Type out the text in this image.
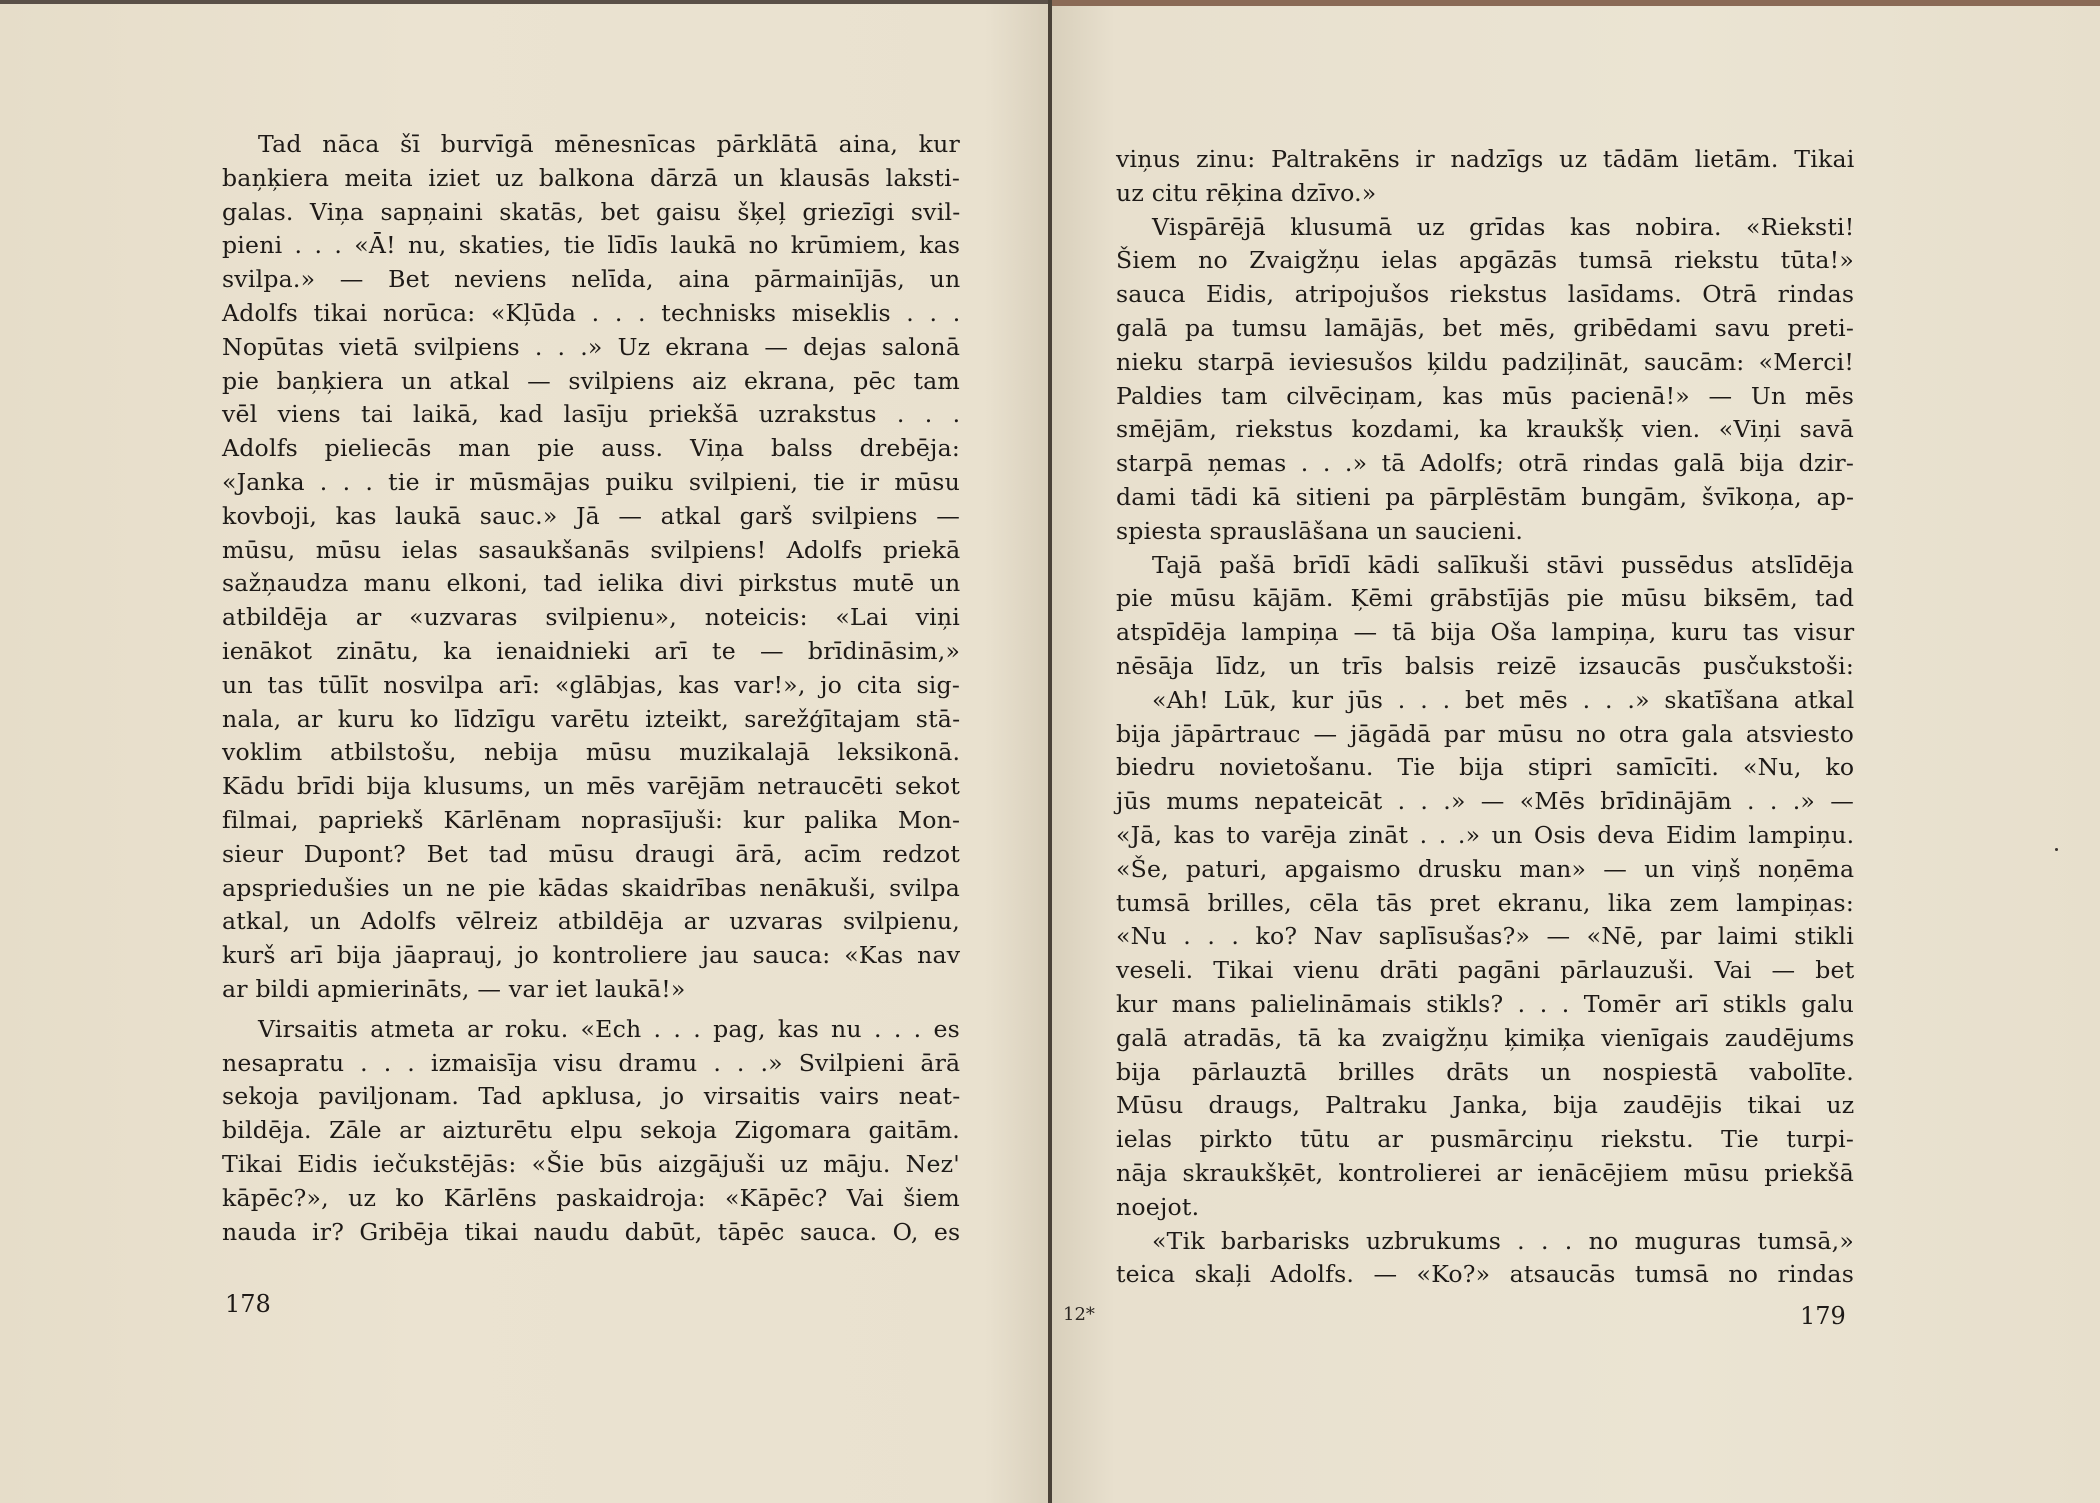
Tad nāca šī burvīgā mēnesnīcas pārklātā aina, kur
baņķiera meita iziet uz balkona dārzā un klausās laksti-
galas. Viņa sapņaini skatās, bet gaisu šķeļ griezīgi svil-
pieni . . . «Ā! nu, skaties, tie līdīs laukā no krūmiem, kas
svilpa.» — Bet neviens nelīda, aina pārmainījās, un
Adolfs tikai norūca: «Kļūda . . . technisks miseklis . . .
Nopūtas vietā svilpiens . . .» Uz ekrana — dejas salonā
pie baņķiera un atkal — svilpiens aiz ekrana, pēc tam
vēl viens tai laikā, kad lasīju priekšā uzrakstus . . .
Adolfs pieliecās man pie auss. Viņa balss drebēja:
«Janka . . . tie ir mūsmājas puiku svilpieni, tie ir mūsu
kovboji, kas laukā sauc.» Jā — atkal garš svilpiens —
mūsu, mūsu ielas sasaukšanās svilpiens! Adolfs priekā
sažņaudza manu elkoni, tad ielika divi pirkstus mutē un
atbildēja ar «uzvaras svilpienu», noteicis: «Lai viņi
ienākot zinātu, ka ienaidnieki arī te — brīdināsim,»
un tas tūlīt nosvilpa arī: «glābjas, kas var!», jo cita sig-
nala, ar kuru ko līdzīgu varētu izteikt, sarežģītajam stā-
voklim atbilstošu, nebija mūsu muzikalajā leksikonā.
Kādu brīdi bija klusums, un mēs varējām netraucēti sekot
filmai, papriekš Kārlēnam noprasījuši: kur palika Mon-
sieur Dupont? Bet tad mūsu draugi ārā, acīm redzot
apspriedušies un ne pie kādas skaidrības nenākuši, svilpa
atkal, un Adolfs vēlreiz atbildēja ar uzvaras svilpienu,
kurš arī bija jāaprauj, jo kontroliere jau sauca: «Kas nav
ar bildi apmierināts, — var iet laukā!»
Virsaitis atmeta ar roku. «Ech . . . pag, kas nu . . . es
nesapratu . . . izmaisīja visu dramu . . .» Svilpieni ārā
sekoja paviljonam. Tad apklusa, jo virsaitis vairs neat-
bildēja. Zāle ar aizturētu elpu sekoja Zigomara gaitām.
Tikai Eidis iečukstējās: «Šie būs aizgājuši uz māju. Nez'
kāpēc?», uz ko Kārlēns paskaidroja: «Kāpēc? Vai šiem
nauda ir? Gribēja tikai naudu dabūt, tāpēc sauca. O, es
178
viņus zinu: Paltrakēns ir nadzīgs uz tādām lietām. Tikai
uz citu rēķina dzīvo.»
Vispārējā klusumā uz grīdas kas nobira. «Rieksti!
Šiem no Zvaigžņu ielas apgāzās tumsā riekstu tūta!»
sauca Eidis, atripojušos riekstus lasīdams. Otrā rindas
galā pa tumsu lamājās, bet mēs, gribēdami savu preti-
nieku starpā ieviesušos ķildu padziļināt, saucām: «Merci!
Paldies tam cilvēciņam, kas mūs pacienā!» — Un mēs
smējām, riekstus kozdami, ka kraukšķ vien. «Viņi savā
starpā ņemas . . .» tā Adolfs; otrā rindas galā bija dzir-
dami tādi kā sitieni pa pārplēstām bungām, švīkoņa, ap-
spiesta sprauslāšana un saucieni.
Tajā pašā brīdī kādi salīkuši stāvi pussēdus atslīdēja
pie mūsu kājām. Ķēmi grābstījās pie mūsu biksēm, tad
atspīdēja lampiņa — tā bija Oša lampiņa, kuru tas visur
nēsāja līdz, un trīs balsis reizē izsaucās pusčukstoši:
«Ah! Lūk, kur jūs . . . bet mēs . . .» skatīšana atkal
bija jāpārtrauc — jāgādā par mūsu no otra gala atsviesto
biedru novietošanu. Tie bija stipri samīcīti. «Nu, ko
jūs mums nepateicāt . . .» — «Mēs brīdinājām . . .» —
«Jā, kas to varēja zināt . . .» un Osis deva Eidim lampiņu.
«Še, paturi, apgaismo drusku man» — un viņš noņēma
tumsā brilles, cēla tās pret ekranu, lika zem lampiņas:
«Nu . . . ko? Nav saplīsušas?» — «Nē, par laimi stikli
veseli. Tikai vienu drāti pagāni pārlauzuši. Vai — bet
kur mans palielināmais stikls? . . . Tomēr arī stikls galu
galā atradās, tā ka zvaigžņu ķimiķa vienīgais zaudējums
bija pārlauztā brilles drāts un nospiestā vabolīte.
Mūsu draugs, Paltraku Janka, bija zaudējis tikai uz
ielas pirkto tūtu ar pusmārciņu riekstu. Tie turpi-
nāja skraukšķēt, kontrolierei ar ienācējiem mūsu priekšā
noejot.
«Tik barbarisks uzbrukums . . . no muguras tumsā,»
teica skaļi Adolfs. — «Ko?» atsaucās tumsā no rindas
12*	179
